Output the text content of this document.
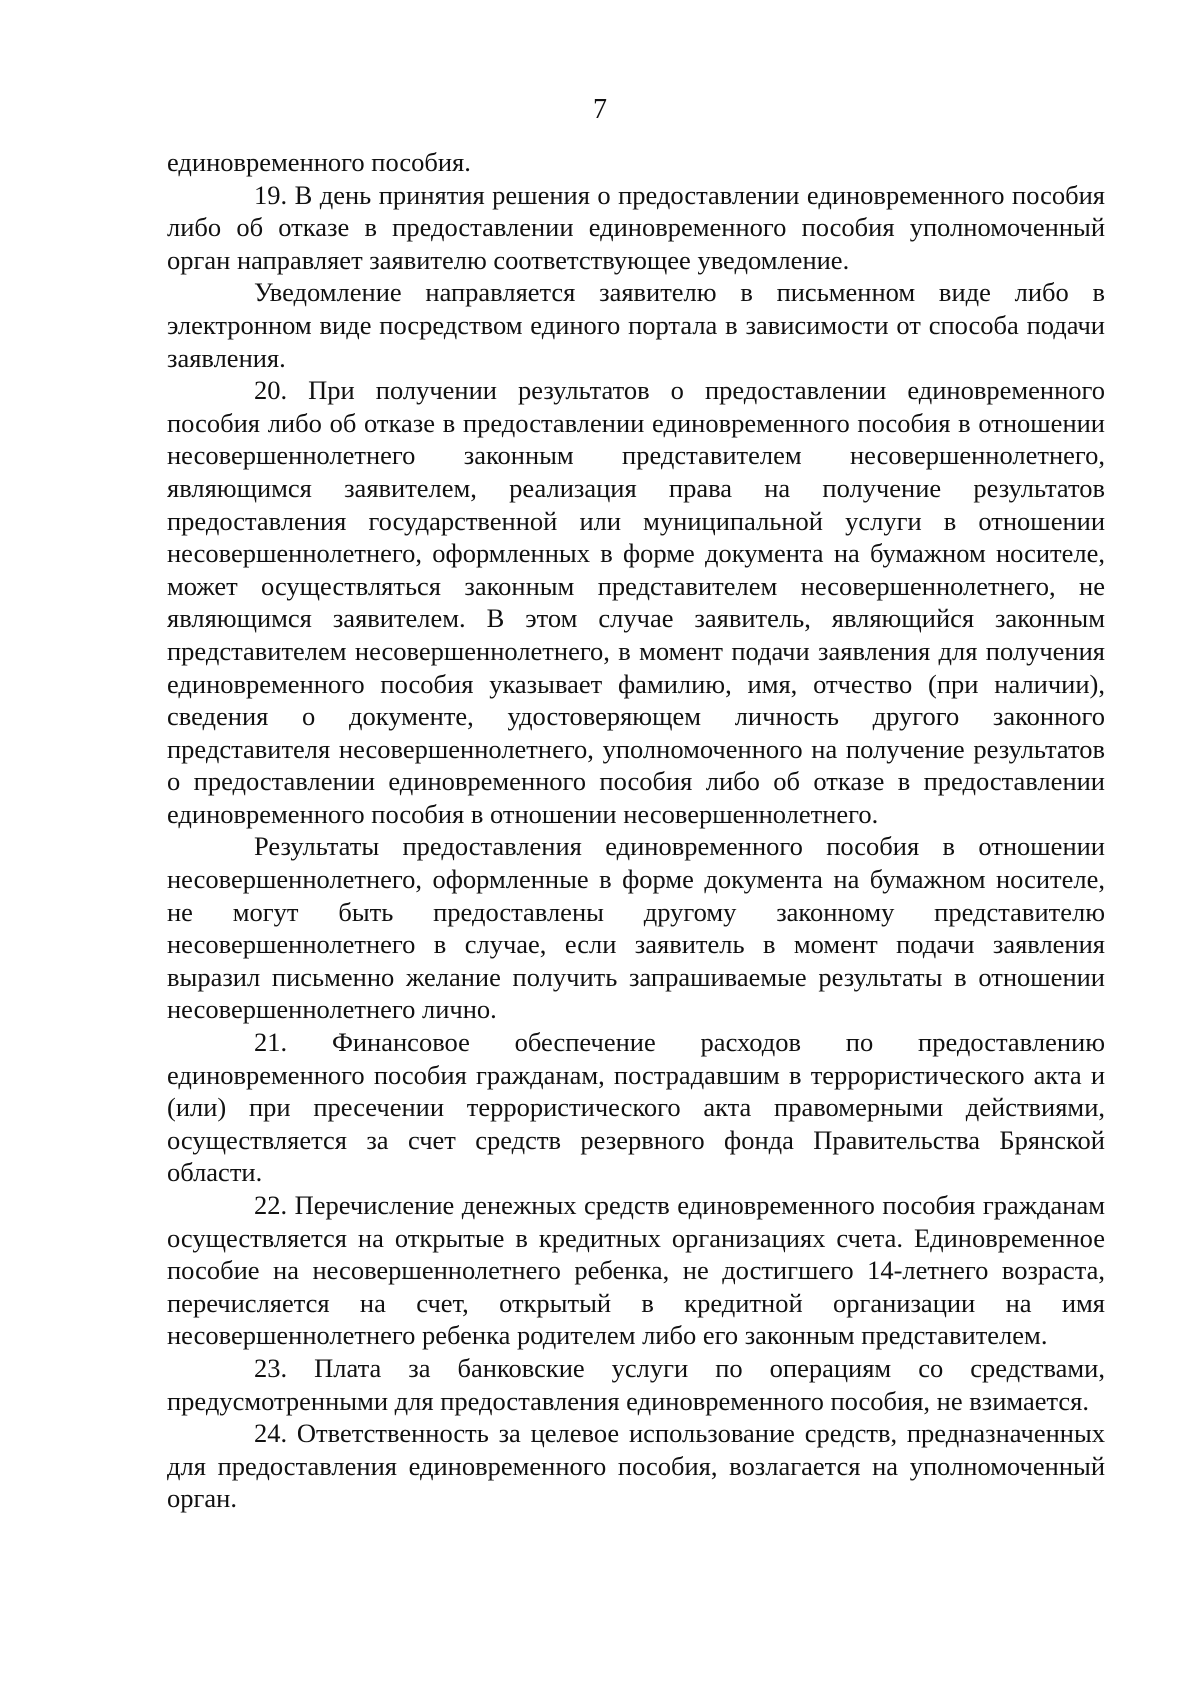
7

единовременного пособия.

19. В день принятия решения о предоставлении единовременного пособия либо об отказе в предоставлении единовременного пособия уполномоченный орган направляет заявителю соответствующее уведомление.

Уведомление направляется заявителю в письменном виде либо в электронном виде посредством единого портала в зависимости от способа подачи заявления.

20. При получении результатов о предоставлении единовременного пособия либо об отказе в предоставлении единовременного пособия в отношении несовершеннолетнего законным представителем несовершеннолетнего, являющимся заявителем, реализация права на получение результатов предоставления государственной или муниципальной услуги в отношении несовершеннолетнего, оформленных в форме документа на бумажном носителе, может осуществляться законным представителем несовершеннолетнего, не являющимся заявителем. В этом случае заявитель, являющийся законным представителем несовершеннолетнего, в момент подачи заявления для получения единовременного пособия указывает фамилию, имя, отчество (при наличии), сведения о документе, удостоверяющем личность другого законного представителя несовершеннолетнего, уполномоченного на получение результатов о предоставлении единовременного пособия либо об отказе в предоставлении единовременного пособия в отношении несовершеннолетнего.

Результаты предоставления единовременного пособия в отношении несовершеннолетнего, оформленные в форме документа на бумажном носителе, не могут быть предоставлены другому законному представителю несовершеннолетнего в случае, если заявитель в момент подачи заявления выразил письменно желание получить запрашиваемые результаты в отношении несовершеннолетнего лично.

21. Финансовое обеспечение расходов по предоставлению единовременного пособия гражданам, пострадавшим в террористического акта и (или) при пресечении террористического акта правомерными действиями, осуществляется за счет средств резервного фонда Правительства Брянской области.

22. Перечисление денежных средств единовременного пособия гражданам осуществляется на открытые в кредитных организациях счета. Единовременное пособие на несовершеннолетнего ребенка, не достигшего 14-летнего возраста, перечисляется на счет, открытый в кредитной организации на имя несовершеннолетнего ребенка родителем либо его законным представителем.

23. Плата за банковские услуги по операциям со средствами, предусмотренными для предоставления единовременного пособия, не взимается.

24. Ответственность за целевое использование средств, предназначенных для предоставления единовременного пособия, возлагается на уполномоченный орган.
